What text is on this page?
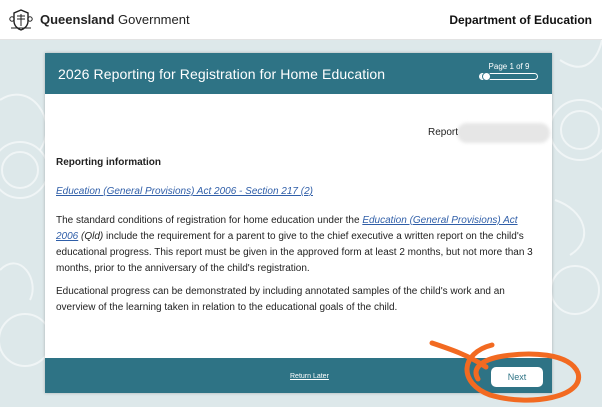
Queensland Government	Department of Education
2026 Reporting for Registration for Home Education	Page 1 of 9
Report
Reporting information
Education (General Provisions) Act 2006 - Section 217 (2)
The standard conditions of registration for home education under the Education (General Provisions) Act 2006 (Qld) include the requirement for a parent to give to the chief executive a written report on the child's educational progress. This report must be given in the approved form at least 2 months, but not more than 3 months, prior to the anniversary of the child's registration.
Educational progress can be demonstrated by including annotated samples of the child's work and an overview of the learning taken in relation to the educational goals of the child.
Return Later	Next
